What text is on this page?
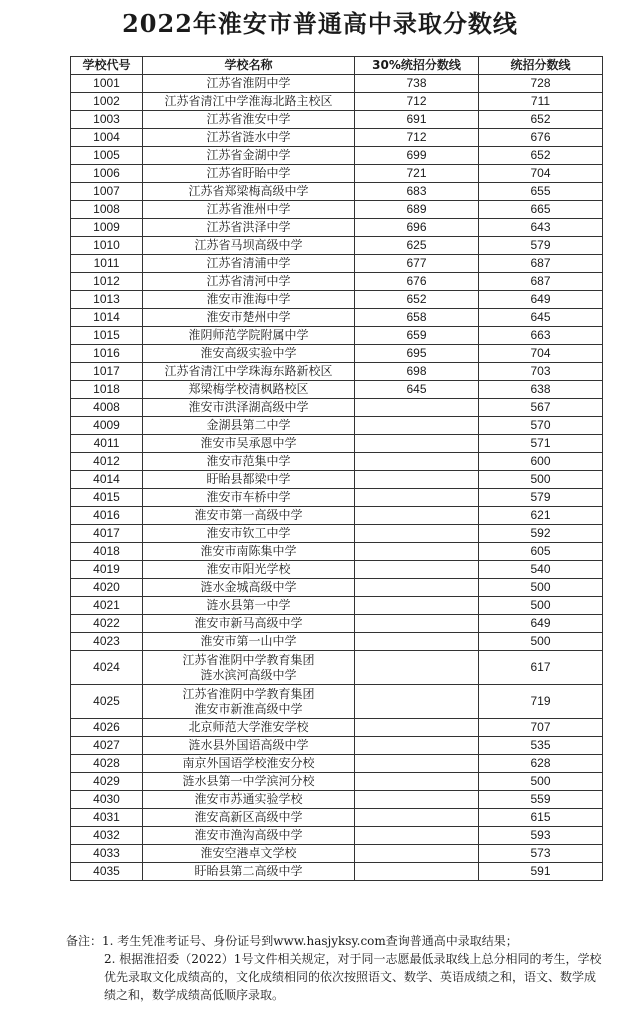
2022年淮安市普通高中录取分数线
学校代号	学校名称	30%统招分数线	统招分数线
1001	江苏省淮阴中学	738	728
1002	江苏省清江中学淮海北路主校区	712	711
1003	江苏省淮安中学	691	652
1004	江苏省涟水中学	712	676
1005	江苏省金湖中学	699	652
1006	江苏省盱眙中学	721	704
1007	江苏省郑梁梅高级中学	683	655
1008	江苏省淮州中学	689	665
1009	江苏省洪泽中学	696	643
1010	江苏省马坝高级中学	625	579
1011	江苏省清浦中学	677	687
1012	江苏省清河中学	676	687
1013	淮安市淮海中学	652	649
1014	淮安市楚州中学	658	645
1015	淮阴师范学院附属中学	659	663
1016	淮安高级实验中学	695	704
1017	江苏省清江中学珠海东路新校区	698	703
1018	郑梁梅学校清枫路校区	645	638
4008	淮安市洪泽湖高级中学		567
4009	金湖县第二中学		570
4011	淮安市吴承恩中学		571
4012	淮安市范集中学		600
4014	盱眙县都梁中学		500
4015	淮安市车桥中学		579
4016	淮安市第一高级中学		621
4017	淮安市钦工中学		592
4018	淮安市南陈集中学		605
4019	淮安市阳光学校		540
4020	涟水金城高级中学		500
4021	涟水县第一中学		500
4022	淮安市新马高级中学		649
4023	淮安市第一山中学		500
4024	江苏省淮阴中学教育集团
涟水滨河高级中学		617
4025	江苏省淮阴中学教育集团
淮安市新淮高级中学		719
4026	北京师范大学淮安学校		707
4027	涟水县外国语高级中学		535
4028	南京外国语学校淮安分校		628
4029	涟水县第一中学滨河分校		500
4030	淮安市苏通实验学校		559
4031	淮安高新区高级中学		615
4032	淮安市渔沟高级中学		593
4033	淮安空港卓文学校		573
4035	盱眙县第二高级中学		591

备注：1. 考生凭准考证号、身份证号到www.hasjyksy.com查询普通高中录取结果；

2. 根据淮招委（2022）1号文件相关规定，对于同一志愿最低录取线上总分相同的考生，学校优先录取文化成绩高的，文化成绩相同的依次按照语文、数学、英语成绩之和，语文、数学成绩之和，数学成绩高低顺序录取。
